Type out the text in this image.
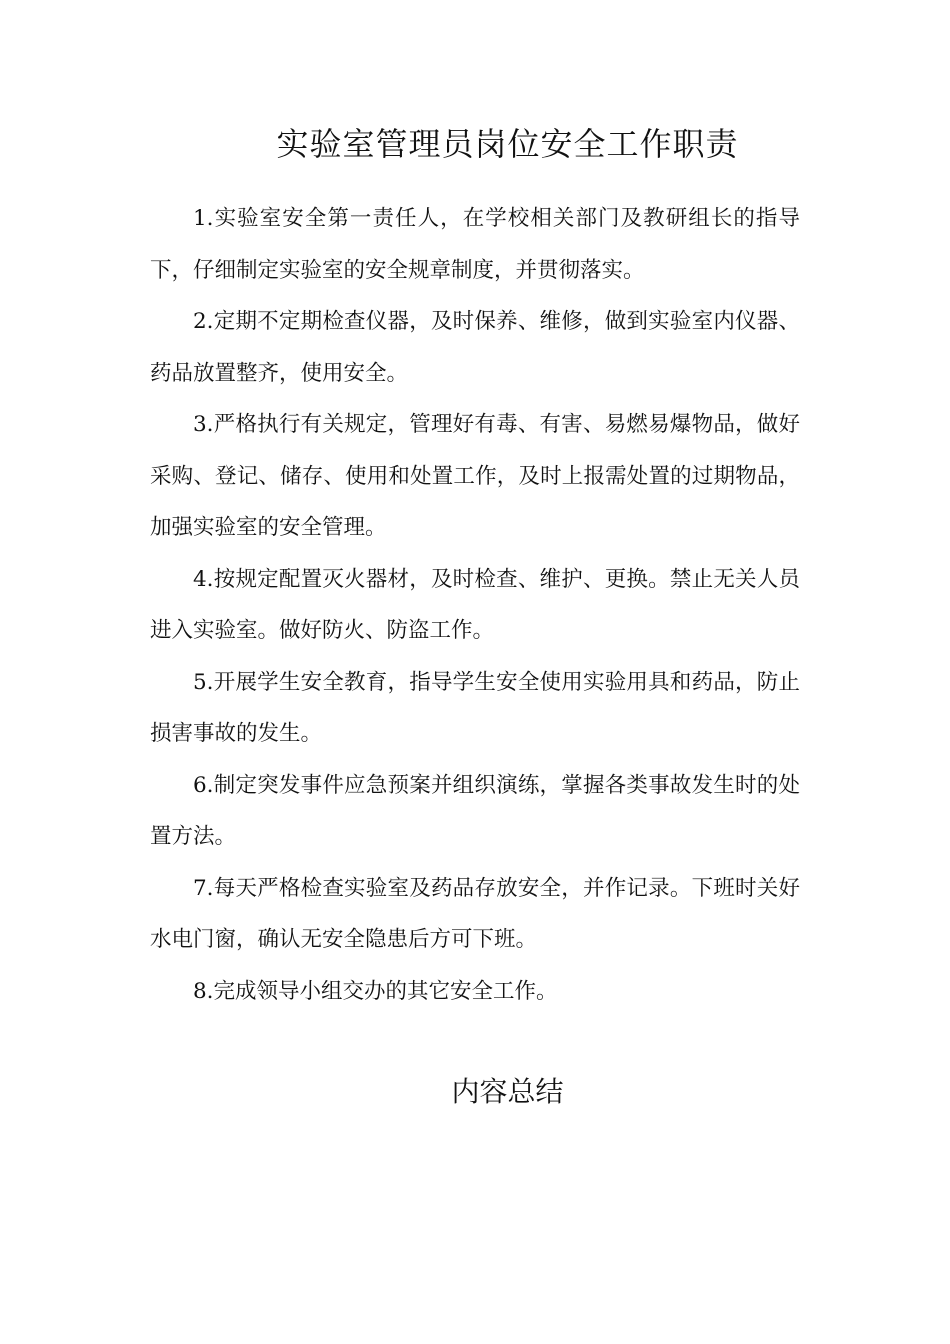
实验室管理员岗位安全工作职责

1.实验室安全第一责任人，在学校相关部门及教研组长的指导下，仔细制定实验室的安全规章制度，并贯彻落实。

2.定期不定期检查仪器，及时保养、维修，做到实验室内仪器、药品放置整齐，使用安全。

3.严格执行有关规定，管理好有毒、有害、易燃易爆物品，做好采购、登记、储存、使用和处置工作，及时上报需处置的过期物品，加强实验室的安全管理。

4.按规定配置灭火器材，及时检查、维护、更换。禁止无关人员进入实验室。做好防火、防盗工作。

5.开展学生安全教育，指导学生安全使用实验用具和药品，防止损害事故的发生。

6.制定突发事件应急预案并组织演练，掌握各类事故发生时的处置方法。

7.每天严格检查实验室及药品存放安全，并作记录。下班时关好水电门窗，确认无安全隐患后方可下班。

8.完成领导小组交办的其它安全工作。

内容总结
